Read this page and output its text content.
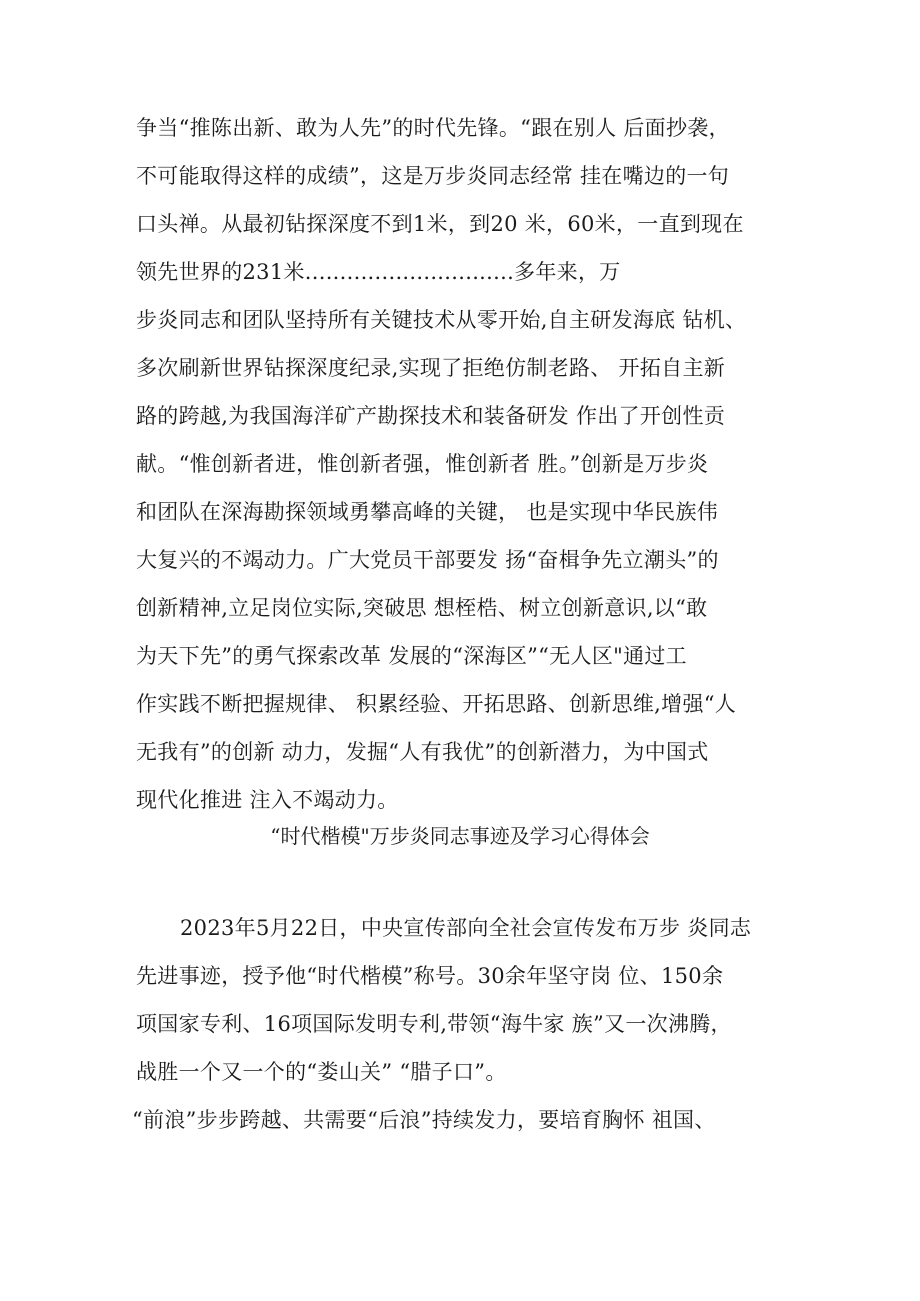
争当“推陈出新、敢为人先”的时代先锋。“跟在别人 后面抄袭，
不可能取得这样的成绩”，这是万步炎同志经常 挂在嘴边的一句
口头禅。从最初钻探深度不到1米，到20 米，60米，一直到现在
领先世界的231米..............................多年来，万
步炎同志和团队坚持所有关键技术从零开始,自主研发海底 钻机、
多次刷新世界钻探深度纪录,实现了拒绝仿制老路、 开拓自主新
路的跨越,为我国海洋矿产勘探技术和装备研发 作出了开创性贡
献。“惟创新者进，惟创新者强，惟创新者 胜。”创新是万步炎
和团队在深海勘探领域勇攀高峰的关键， 也是实现中华民族伟
大复兴的不竭动力。广大党员干部要发 扬“奋楫争先立潮头”的
创新精神,立足岗位实际,突破思 想桎梏、树立创新意识,以“敢
为天下先”的勇气探索改革 发展的“深海区”“无人区"通过工
作实践不断把握规律、 积累经验、开拓思路、创新思维,增强“人
无我有”的创新 动力，发掘“人有我优”的创新潜力，为中国式
现代化推进 注入不竭动力。
“时代楷模"万步炎同志事迹及学习心得体会
2023年5月22日，中央宣传部向全社会宣传发布万步 炎同志
先进事迹，授予他“时代楷模”称号。30余年坚守岗 位、150余
项国家专利、16项国际发明专利,带领“海牛家 族”又一次沸腾，
战胜一个又一个的“娄山关” “腊子口”。
“前浪”步步跨越、共需要“后浪”持续发力，要培育胸怀 祖国、
